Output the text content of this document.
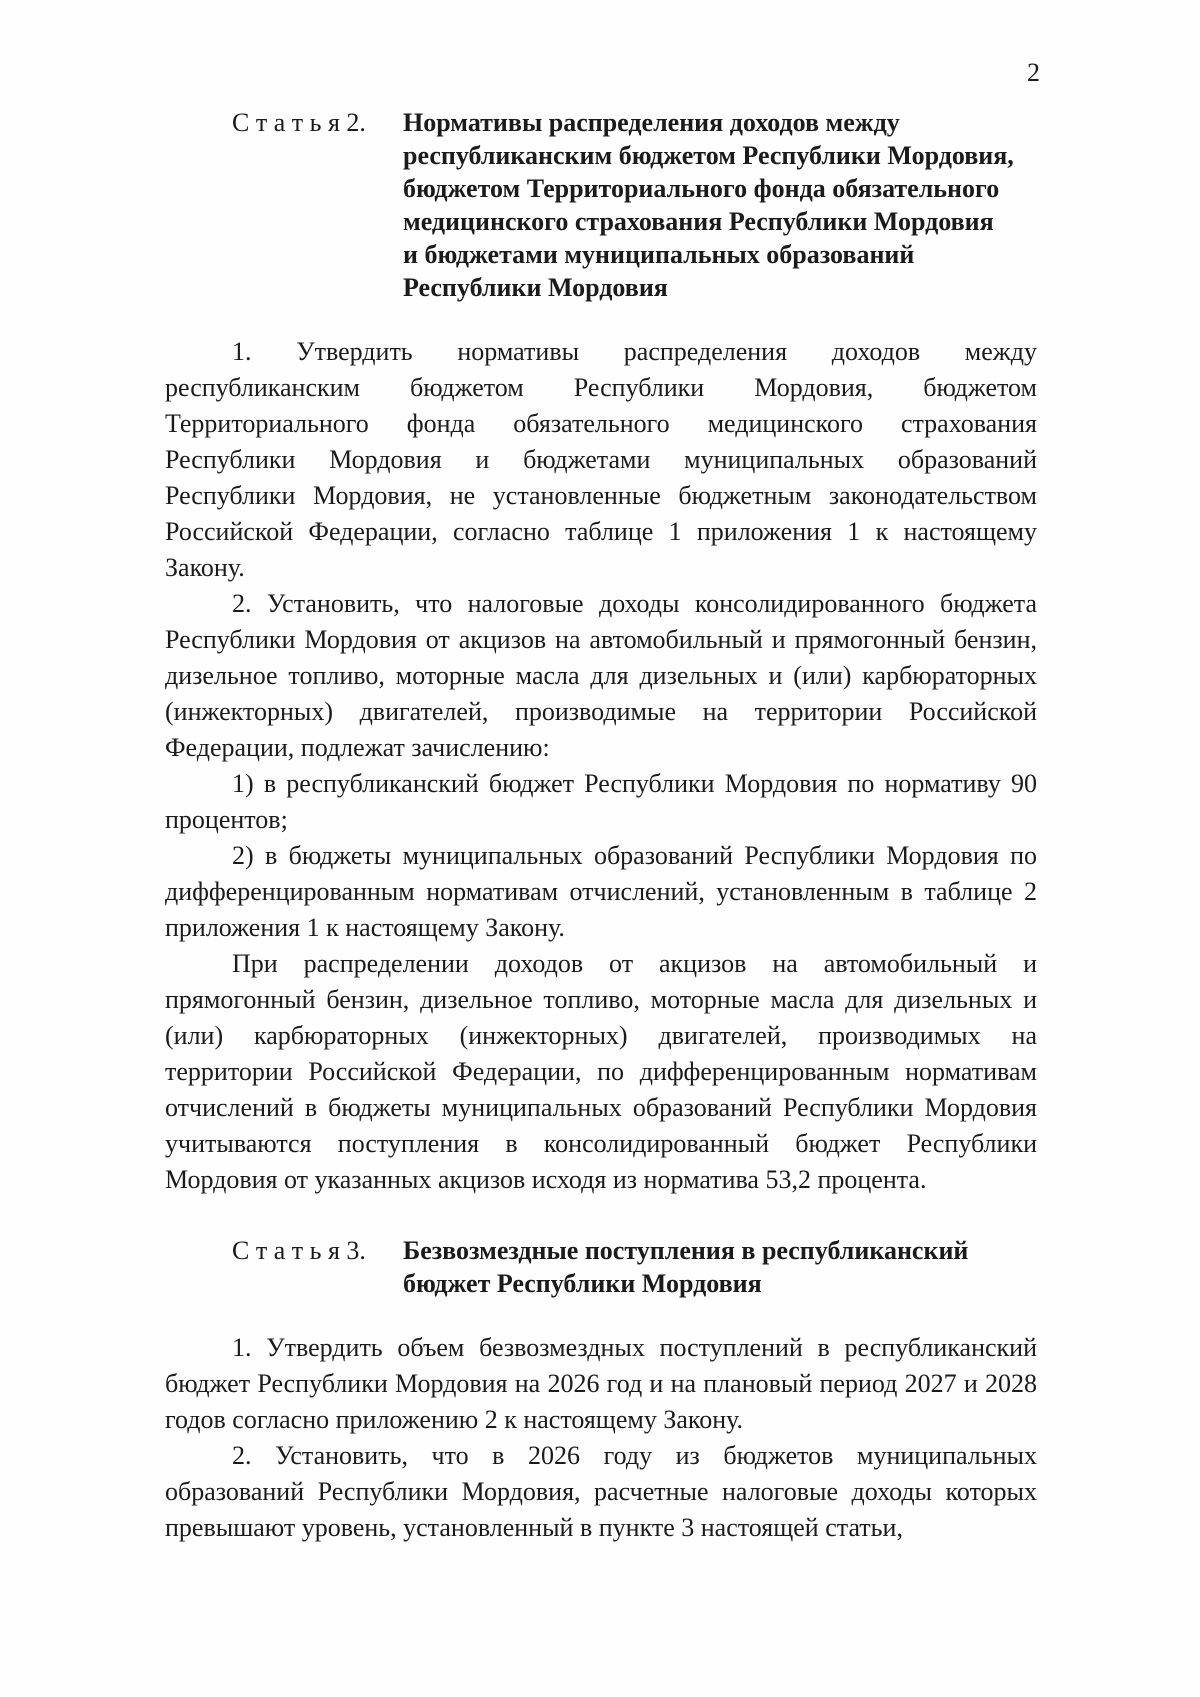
2
С т а т ь я 2.	Нормативы распределения доходов между
республиканским бюджетом Республики Мордовия,
бюджетом Территориального фонда обязательного
медицинского страхования Республики Мордовия
и бюджетами муниципальных образований
Республики Мордовия

1. Утвердить нормативы распределения доходов между республиканским бюджетом Республики Мордовия, бюджетом Территориального фонда обязательного медицинского страхования Республики Мордовия и бюджетами муниципальных образований Республики Мордовия, не установленные бюджетным законодательством Российской Федерации, согласно таблице 1 приложения 1 к настоящему Закону.

2. Установить, что налоговые доходы консолидированного бюджета Республики Мордовия от акцизов на автомобильный и прямогонный бензин, дизельное топливо, моторные масла для дизельных и (или) карбюраторных (инжекторных) двигателей, производимые на территории Российской Федерации, подлежат зачислению:

1) в республиканский бюджет Республики Мордовия по нормативу 90 процентов;

2) в бюджеты муниципальных образований Республики Мордовия по дифференцированным нормативам отчислений, установленным в таблице 2 приложения 1 к настоящему Закону.

При распределении доходов от акцизов на автомобильный и прямогонный бензин, дизельное топливо, моторные масла для дизельных и (или) карбюраторных (инжекторных) двигателей, производимых на территории Российской Федерации, по дифференцированным нормативам отчислений в бюджеты муниципальных образований Республики Мордовия учитываются поступления в консолидированный бюджет Республики Мордовия от указанных акцизов исходя из норматива 53,2 процента.

С т а т ь я 3.	Безвозмездные поступления в республиканский
бюджет Республики Мордовия

1. Утвердить объем безвозмездных поступлений в республиканский бюджет Республики Мордовия на 2026 год и на плановый период 2027 и 2028 годов согласно приложению 2 к настоящему Закону.

2. Установить, что в 2026 году из бюджетов муниципальных образований Республики Мордовия, расчетные налоговые доходы которых превышают уровень, установленный в пункте 3 настоящей статьи,
